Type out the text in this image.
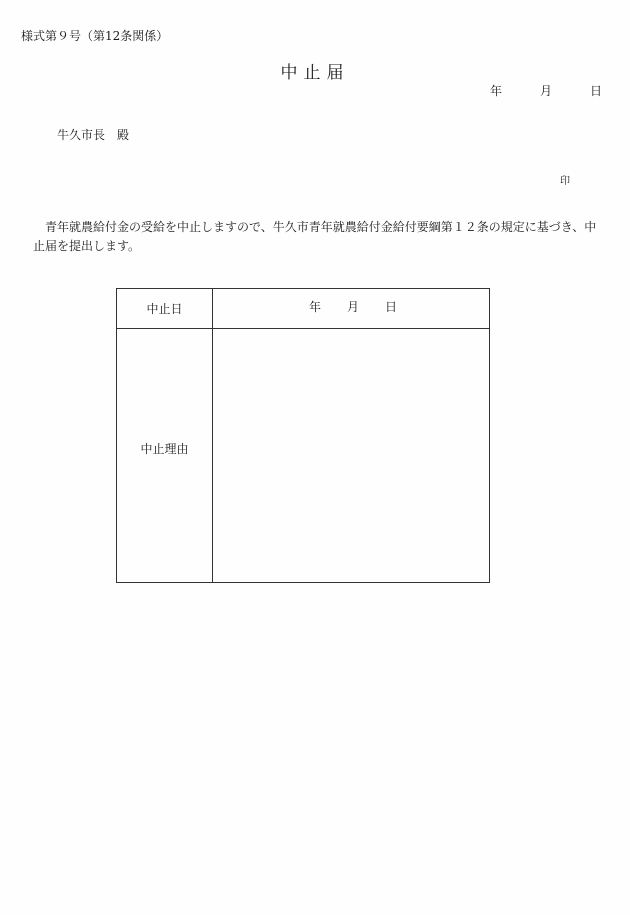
様式第９号（第12条関係）
中止届
年	月	日
牛久市長　殿
印
青年就農給付金の受給を中止しますので、牛久市青年就農給付金給付要綱第１２条の規定に基づき、中止届を提出します。
中止日	年 月 日

中止理由	
